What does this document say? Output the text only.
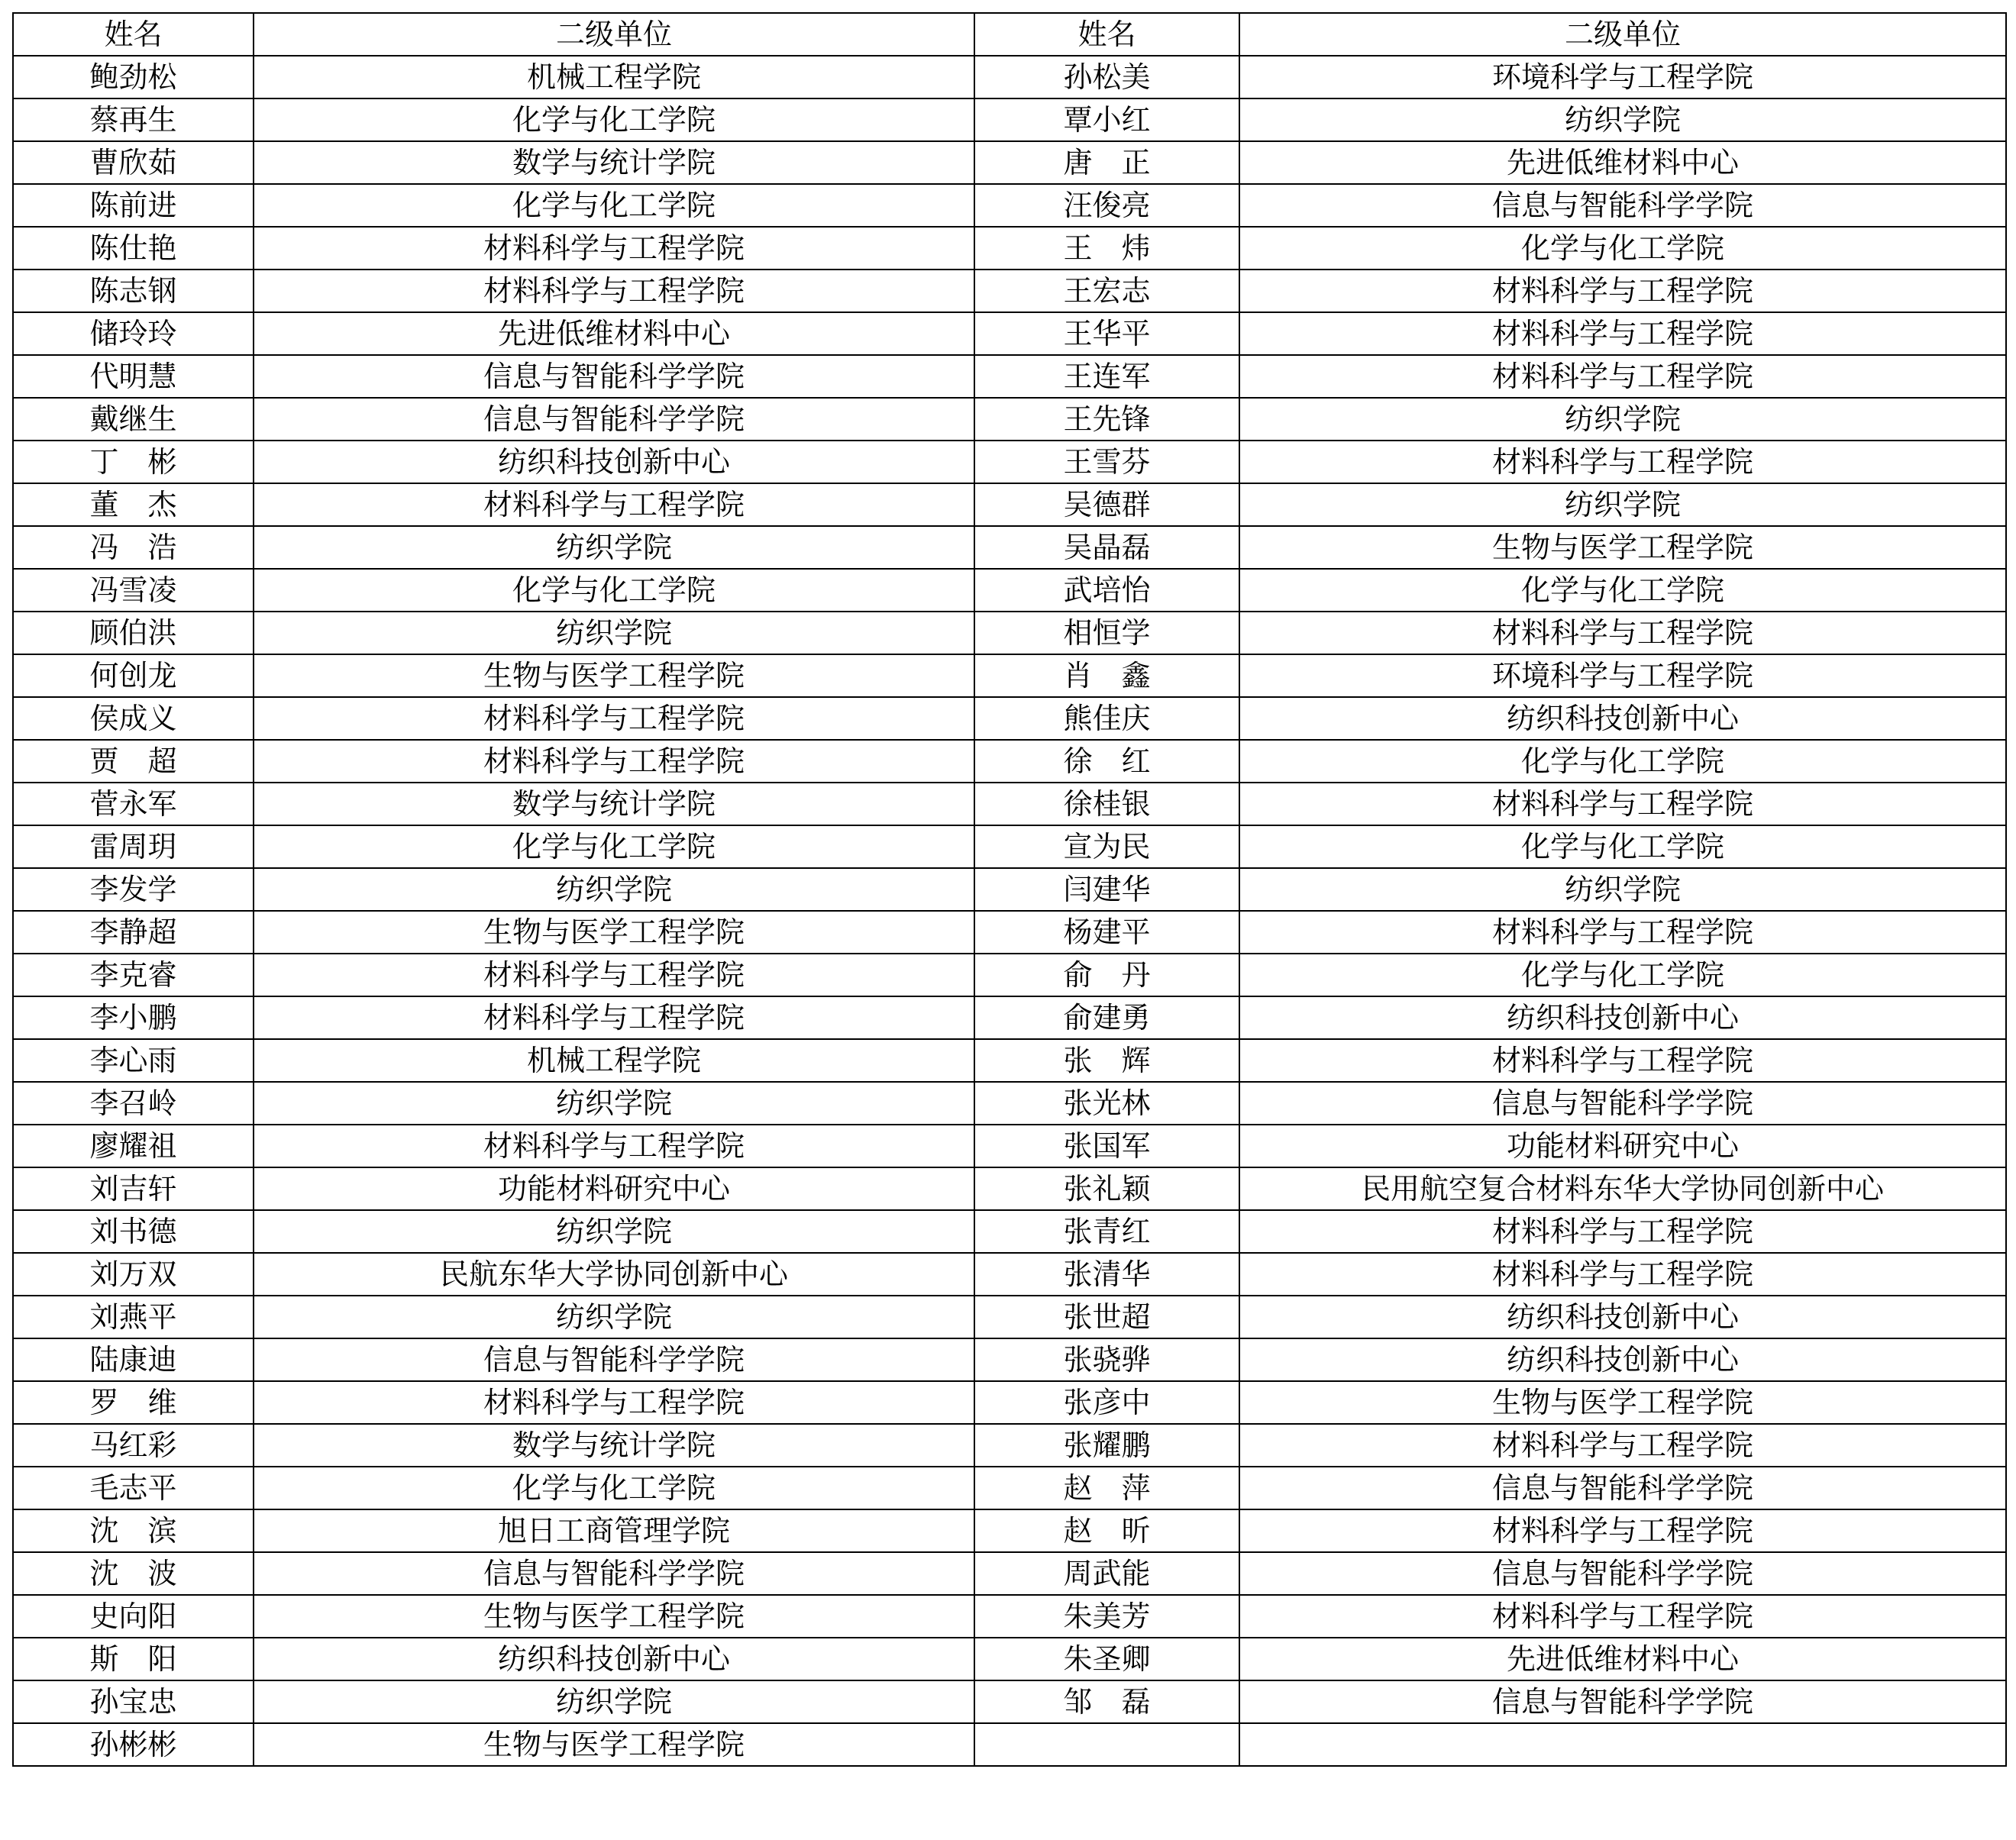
姓名	二级单位	姓名	二级单位
鲍劲松	机械工程学院	孙松美	环境科学与工程学院
蔡再生	化学与化工学院	覃小红	纺织学院
曹欣茹	数学与统计学院	唐　正	先进低维材料中心
陈前进	化学与化工学院	汪俊亮	信息与智能科学学院
陈仕艳	材料科学与工程学院	王　炜	化学与化工学院
陈志钢	材料科学与工程学院	王宏志	材料科学与工程学院
储玲玲	先进低维材料中心	王华平	材料科学与工程学院
代明慧	信息与智能科学学院	王连军	材料科学与工程学院
戴继生	信息与智能科学学院	王先锋	纺织学院
丁　彬	纺织科技创新中心	王雪芬	材料科学与工程学院
董　杰	材料科学与工程学院	吴德群	纺织学院
冯　浩	纺织学院	吴晶磊	生物与医学工程学院
冯雪凌	化学与化工学院	武培怡	化学与化工学院
顾伯洪	纺织学院	相恒学	材料科学与工程学院
何创龙	生物与医学工程学院	肖　鑫	环境科学与工程学院
侯成义	材料科学与工程学院	熊佳庆	纺织科技创新中心
贾　超	材料科学与工程学院	徐　红	化学与化工学院
菅永军	数学与统计学院	徐桂银	材料科学与工程学院
雷周玥	化学与化工学院	宣为民	化学与化工学院
李发学	纺织学院	闫建华	纺织学院
李静超	生物与医学工程学院	杨建平	材料科学与工程学院
李克睿	材料科学与工程学院	俞　丹	化学与化工学院
李小鹏	材料科学与工程学院	俞建勇	纺织科技创新中心
李心雨	机械工程学院	张　辉	材料科学与工程学院
李召岭	纺织学院	张光林	信息与智能科学学院
廖耀祖	材料科学与工程学院	张国军	功能材料研究中心
刘吉轩	功能材料研究中心	张礼颖	民用航空复合材料东华大学协同创新中心
刘书德	纺织学院	张青红	材料科学与工程学院
刘万双	民航东华大学协同创新中心	张清华	材料科学与工程学院
刘燕平	纺织学院	张世超	纺织科技创新中心
陆康迪	信息与智能科学学院	张骁骅	纺织科技创新中心
罗　维	材料科学与工程学院	张彦中	生物与医学工程学院
马红彩	数学与统计学院	张耀鹏	材料科学与工程学院
毛志平	化学与化工学院	赵　萍	信息与智能科学学院
沈　滨	旭日工商管理学院	赵　昕	材料科学与工程学院
沈　波	信息与智能科学学院	周武能	信息与智能科学学院
史向阳	生物与医学工程学院	朱美芳	材料科学与工程学院
斯　阳	纺织科技创新中心	朱圣卿	先进低维材料中心
孙宝忠	纺织学院	邹　磊	信息与智能科学学院
孙彬彬	生物与医学工程学院		
